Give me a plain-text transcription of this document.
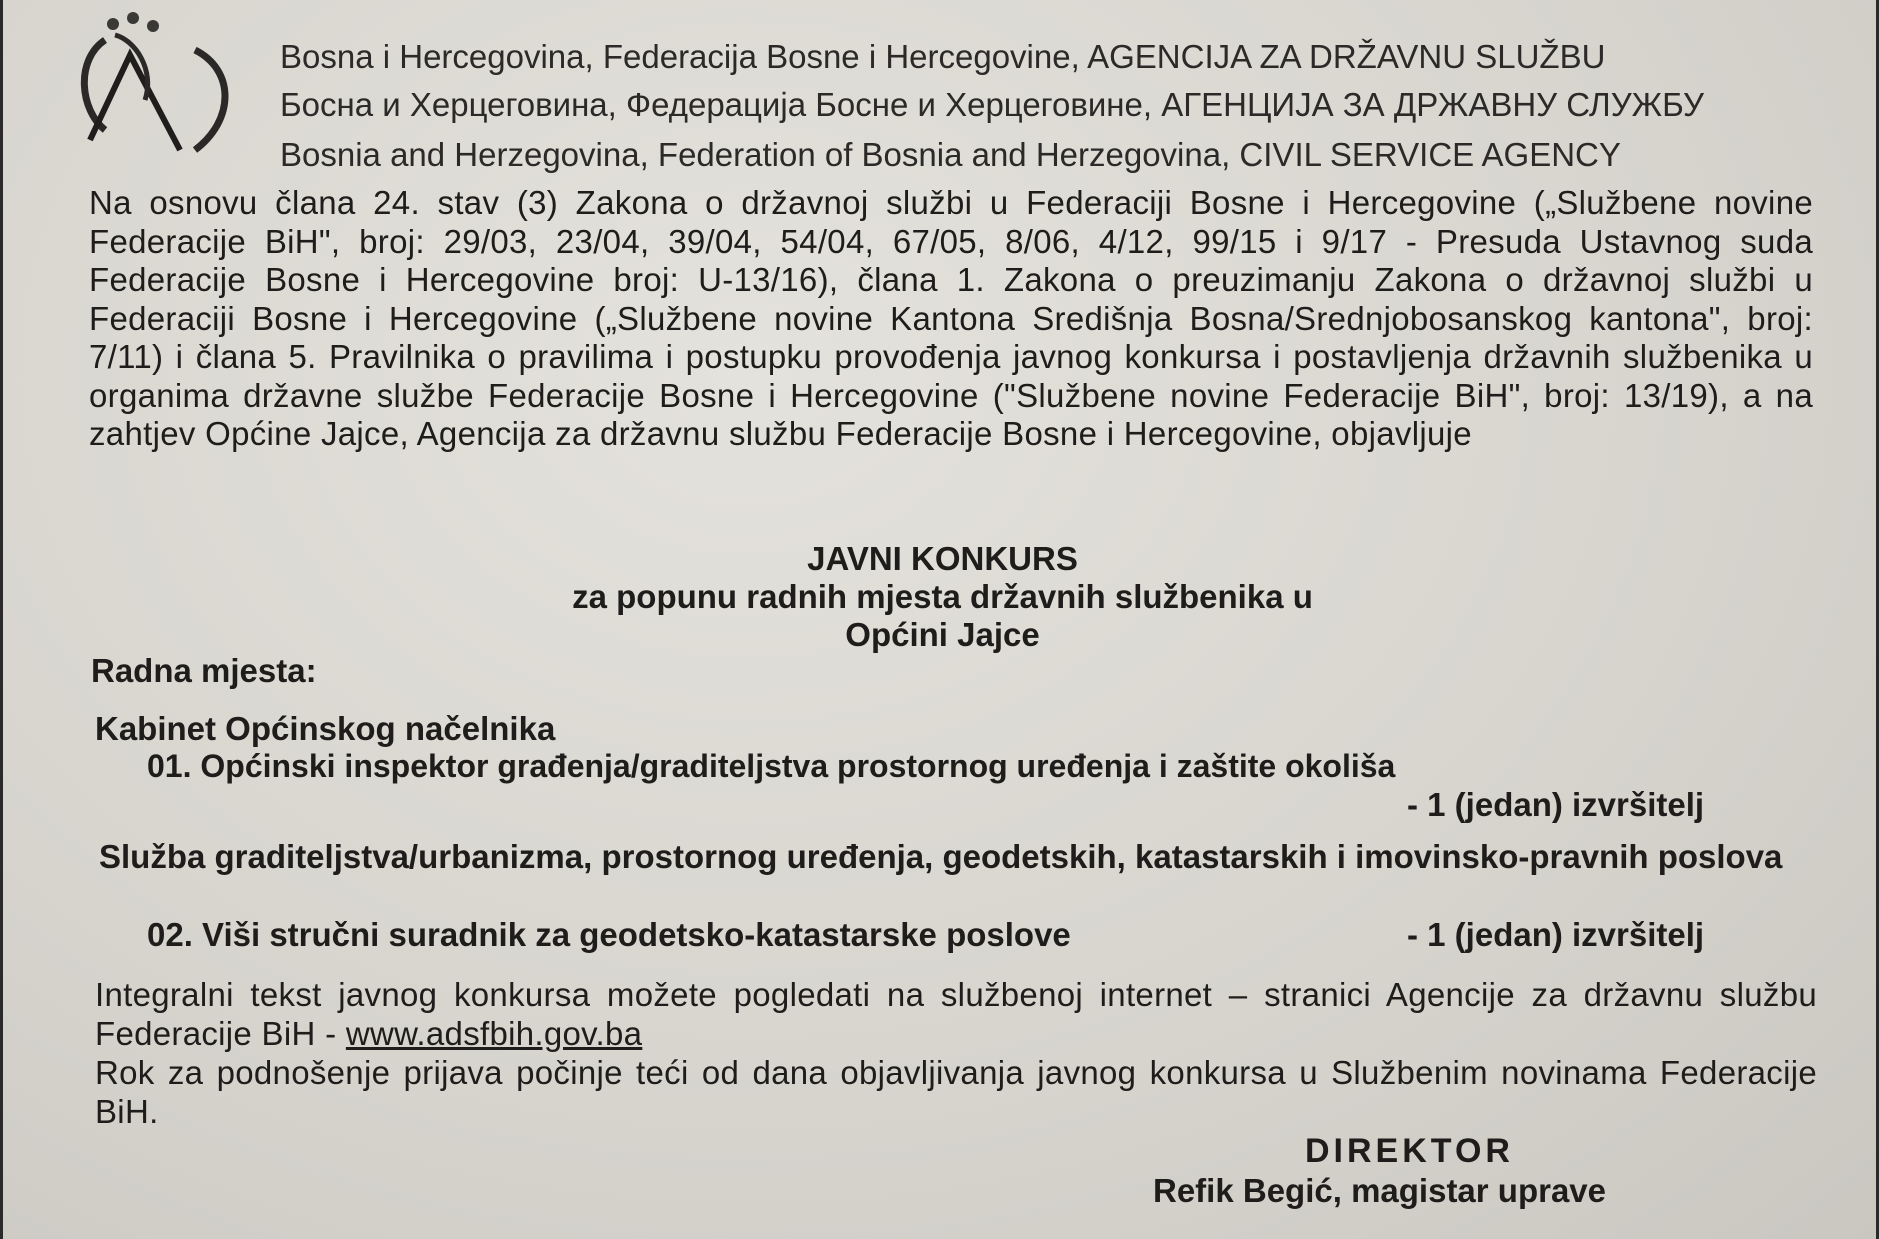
Bosna i Hercegovina, Federacija Bosne i Hercegovine, AGENCIJA ZA DRŽAVNU SLUŽBU
Босна и Херцеговина, Федерација Босне и Херцеговине, АГЕНЦИЈА ЗА ДРЖАВНУ СЛУЖБУ
Bosnia and Herzegovina, Federation of Bosnia and Herzegovina, CIVIL SERVICE AGENCY
Na osnovu člana 24. stav (3) Zakona o državnoj službi u Federaciji Bosne i Hercegovine („Službene novine Federacije BiH", broj: 29/03, 23/04, 39/04, 54/04, 67/05, 8/06, 4/12, 99/15 i 9/17 - Presuda Ustavnog suda Federacije Bosne i Hercegovine broj: U-13/16), člana 1. Zakona o preuzimanju Zakona o državnoj službi u Federaciji Bosne i Hercegovine („Službene novine Kantona Središnja Bosna/Srednjobosanskog kantona", broj: 7/11) i člana 5. Pravilnika o pravilima i postupku provođenja javnog konkursa i postavljenja državnih službenika u organima državne službe Federacije Bosne i Hercegovine ("Službene novine Federacije BiH", broj: 13/19), a na zahtjev Općine Jajce, Agencija za državnu službu Federacije Bosne i Hercegovine, objavljuje
JAVNI KONKURS
za popunu radnih mjesta državnih službenika u
Općini Jajce
Radna mjesta:
Kabinet Općinskog načelnika
01. Općinski inspektor građenja/graditeljstva prostornog uređenja i zaštite okoliša
- 1 (jedan) izvršitelj
Služba graditeljstva/urbanizma, prostornog uređenja, geodetskih, katastarskih i imovinsko-pravnih poslova
02. Viši stručni suradnik za geodetsko-katastarske poslove	- 1 (jedan) izvršitelj
Integralni tekst javnog konkursa možete pogledati na službenoj internet – stranici Agencije za državnu službu Federacije BiH - www.adsfbih.gov.ba
Rok za podnošenje prijava počinje teći od dana objavljivanja javnog konkursa u Službenim novinama Federacije BiH.
DIREKTOR
Refik Begić, magistar uprave
